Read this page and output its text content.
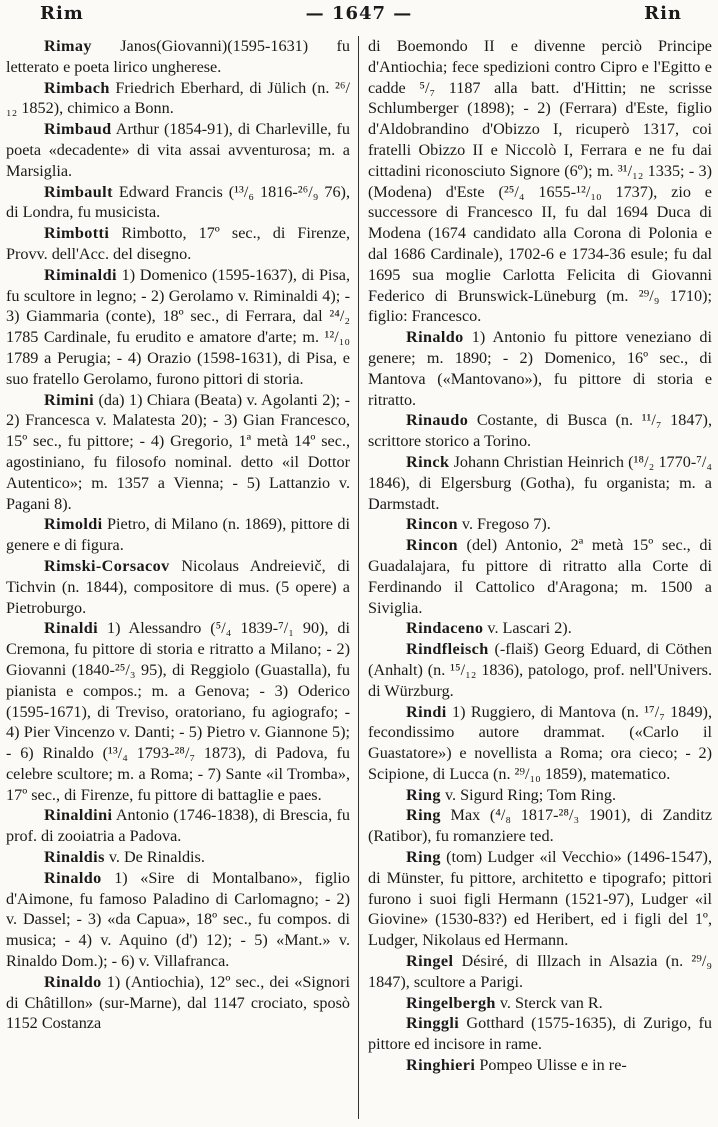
Rim	— 1647 —	Rin

Rimay Janos(Giovanni)(1595-1631) fu letterato e poeta lirico ungherese.

Rimbach Friedrich Eberhard, di Jülich (n. ²⁶/₁₂ 1852), chimico a Bonn.

Rimbaud Arthur (1854-91), di Charleville, fu poeta «decadente» di vita assai avventurosa; m. a Marsiglia.

Rimbault Edward Francis (¹³/₆ 1816-²⁶/₉ 76), di Londra, fu musicista.

Rimbotti Rimbotto, 17º sec., di Firenze, Provv. dell'Acc. del disegno.

Riminaldi 1) Domenico (1595-1637), di Pisa, fu scultore in legno; - 2) Gerolamo v. Riminaldi 4); - 3) Giammaria (conte), 18º sec., di Ferrara, dal ²⁴/₂ 1785 Cardinale, fu erudito e amatore d'arte; m. ¹²/₁₀ 1789 a Perugia; - 4) Orazio (1598-1631), di Pisa, e suo fratello Gerolamo, furono pittori di storia.

Rimini (da) 1) Chiara (Beata) v. Agolanti 2); - 2) Francesca v. Malatesta 20); - 3) Gian Francesco, 15º sec., fu pittore; - 4) Gregorio, 1ª metà 14º sec., agostiniano, fu filosofo nominal. detto «il Dottor Autentico»; m. 1357 a Vienna; - 5) Lattanzio v. Pagani 8).

Rimoldi Pietro, di Milano (n. 1869), pittore di genere e di figura.

Rimski-Corsacov Nicolaus Andreievič, di Tichvin (n. 1844), compositore di mus. (5 opere) a Pietroburgo.

Rinaldi 1) Alessandro (⁵/₄ 1839-⁷/₁ 90), di Cremona, fu pittore di storia e ritratto a Milano; - 2) Giovanni (1840-²⁵/₃ 95), di Reggiolo (Guastalla), fu pianista e compos.; m. a Genova; - 3) Oderico (1595-1671), di Treviso, oratoriano, fu agiografo; - 4) Pier Vincenzo v. Danti; - 5) Pietro v. Giannone 5); - 6) Rinaldo (¹³/₄ 1793-²⁸/₇ 1873), di Padova, fu celebre scultore; m. a Roma; - 7) Sante «il Tromba», 17º sec., di Firenze, fu pittore di battaglie e paes.

Rinaldini Antonio (1746-1838), di Brescia, fu prof. di zooiatria a Padova.

Rinaldis v. De Rinaldis.

Rinaldo 1) «Sire di Montalbano», figlio d'Aimone, fu famoso Paladino di Carlomagno; - 2) v. Dassel; - 3) «da Capua», 18º sec., fu compos. di musica; - 4) v. Aquino (d') 12); - 5) «Mant.» v. Rinaldo Dom.); - 6) v. Villafranca.

Rinaldo 1) (Antiochia), 12º sec., dei «Signori di Châtillon» (sur-Marne), dal 1147 crociato, sposò 1152 Costanza

di Boemondo II e divenne perciò Principe d'Antiochia; fece spedizioni contro Cipro e l'Egitto e cadde ⁵/₇ 1187 alla batt. d'Hittin; ne scrisse Schlumberger (1898); - 2) (Ferrara) d'Este, figlio d'Aldobrandino d'Obizzo I, ricuperò 1317, coi fratelli Obizzo II e Niccolò I, Ferrara e ne fu dai cittadini riconosciuto Signore (6º); m. ³¹/₁₂ 1335; - 3) (Modena) d'Este (²⁵/₄ 1655-¹²/₁₀ 1737), zio e successore di Francesco II, fu dal 1694 Duca di Modena (1674 candidato alla Corona di Polonia e dal 1686 Cardinale), 1702-6 e 1734-36 esule; fu dal 1695 sua moglie Carlotta Felicita di Giovanni Federico di Brunswick-Lüneburg (m. ²⁹/₉ 1710); figlio: Francesco.

Rinaldo 1) Antonio fu pittore veneziano di genere; m. 1890; - 2) Domenico, 16º sec., di Mantova («Mantovano»), fu pittore di storia e ritratto.

Rinaudo Costante, di Busca (n. ¹¹/₇ 1847), scrittore storico a Torino.

Rinck Johann Christian Heinrich (¹⁸/₂ 1770-⁷/₄ 1846), di Elgersburg (Gotha), fu organista; m. a Darmstadt.

Rincon v. Fregoso 7).

Rincon (del) Antonio, 2ª metà 15º sec., di Guadalajara, fu pittore di ritratto alla Corte di Ferdinando il Cattolico d'Aragona; m. 1500 a Siviglia.

Rindaceno v. Lascari 2).

Rindfleisch (-flaiš) Georg Eduard, di Cöthen (Anhalt) (n. ¹⁵/₁₂ 1836), patologo, prof. nell'Univers. di Würzburg.

Rindi 1) Ruggiero, di Mantova (n. ¹⁷/₇ 1849), fecondissimo autore drammat. («Carlo il Guastatore») e novellista a Roma; ora cieco; - 2) Scipione, di Lucca (n. ²⁹/₁₀ 1859), matematico.

Ring v. Sigurd Ring; Tom Ring.

Ring Max (⁴/₈ 1817-²⁸/₃ 1901), di Zanditz (Ratibor), fu romanziere ted.

Ring (tom) Ludger «il Vecchio» (1496-1547), di Münster, fu pittore, architetto e tipografo; pittori furono i suoi figli Hermann (1521-97), Ludger «il Giovine» (1530-83?) ed Heribert, ed i figli del 1º, Ludger, Nikolaus ed Hermann.

Ringel Désiré, di Illzach in Alsazia (n. ²⁹/₉ 1847), scultore a Parigi.

Ringelbergh v. Sterck van R.

Ringgli Gotthard (1575-1635), di Zurigo, fu pittore ed incisore in rame.

Ringhieri Pompeo Ulisse e in re-
